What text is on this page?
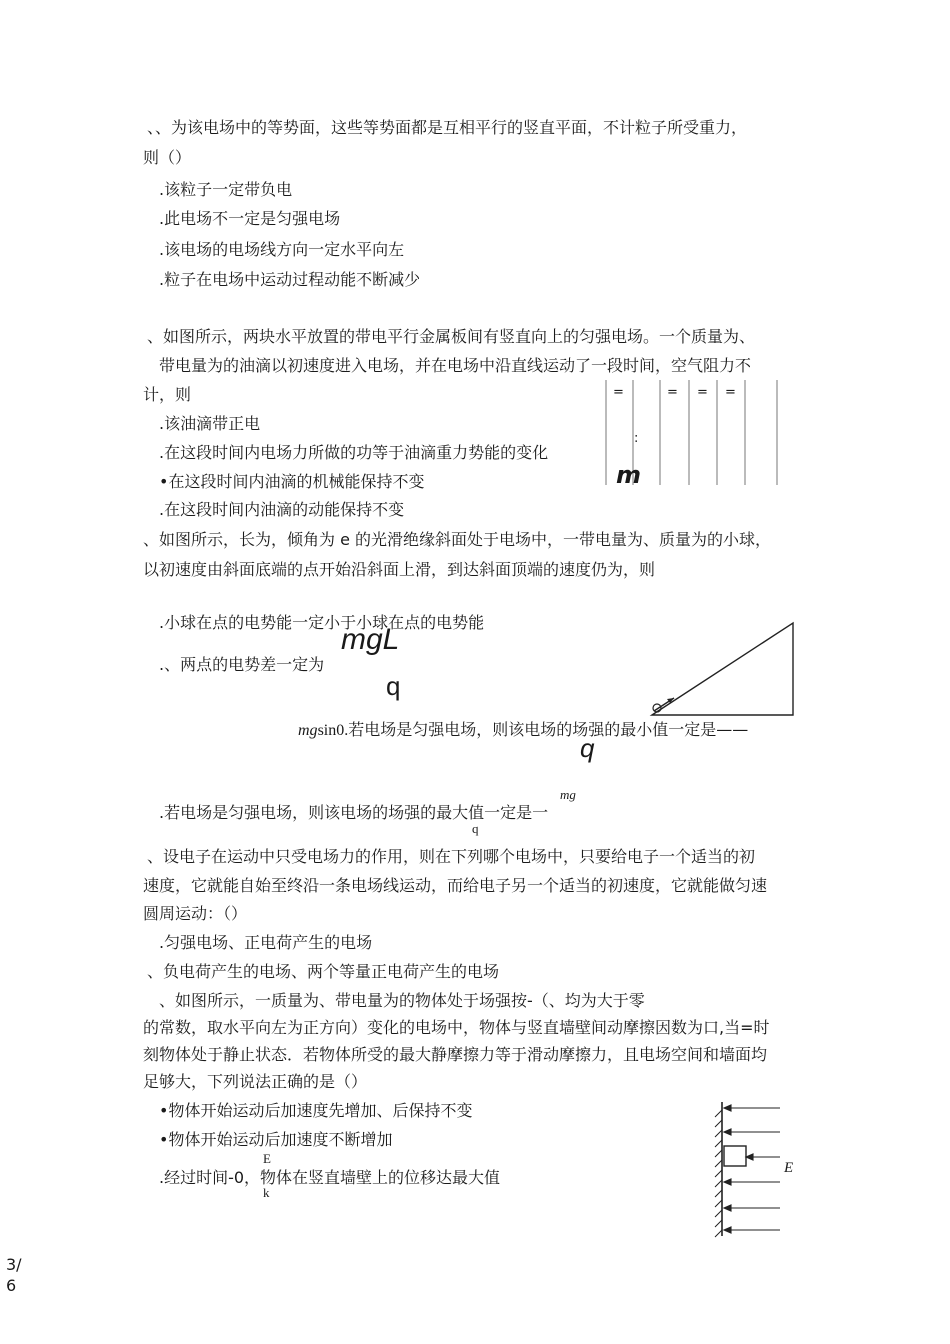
、、为该电场中的等势面，这些等势面都是互相平行的竖直平面，不计粒子所受重力，
则（）
.该粒子一定带负电
.此电场不一定是匀强电场
.该电场的电场线方向一定水平向左
.粒子在电场中运动过程动能不断减少
、如图所示，两块水平放置的带电平行金属板间有竖直向上的匀强电场。一个质量为、
带电量为的油滴以初速度进入电场，并在电场中沿直线运动了一段时间，空气阻力不
计，则
.该油滴带正电
.在这段时间内电场力所做的功等于油滴重力势能的变化
•在这段时间内油滴的机械能保持不变
.在这段时间内油滴的动能保持不变
=	= = =
:
m
、如图所示，长为，倾角为 e 的光滑绝缘斜面处于电场中，一带电量为、质量为的小球，
以初速度由斜面底端的点开始沿斜面上滑，到达斜面顶端的速度仍为，则
.小球在点的电势能一定小于小球在点的电势能
mgL
.、两点的电势差一定为
q
mgsin0.若电场是匀强电场，则该电场的场强的最小值一定是——
q
mg
.若电场是匀强电场，则该电场的场强的最大值一定是一
q
、设电子在运动中只受电场力的作用，则在下列哪个电场中，只要给电子一个适当的初
速度，它就能自始至终沿一条电场线运动，而给电子另一个适当的初速度，它就能做匀速
圆周运动：（）
.匀强电场、正电荷产生的电场
、负电荷产生的电场、两个等量正电荷产生的电场
、如图所示，一质量为、带电量为的物体处于场强按-（、均为大于零
的常数，取水平向左为正方向）变化的电场中，物体与竖直墙壁间动摩擦因数为口,当=时
刻物体处于静止状态．若物体所受的最大静摩擦力等于滑动摩擦力，且电场空间和墙面均
足够大，下列说法正确的是（）
•物体开始运动后加速度先增加、后保持不变
•物体开始运动后加速度不断增加
E
.经过时间-0，物体在竖直墙壁上的位移达最大值
k
E
3/
6
